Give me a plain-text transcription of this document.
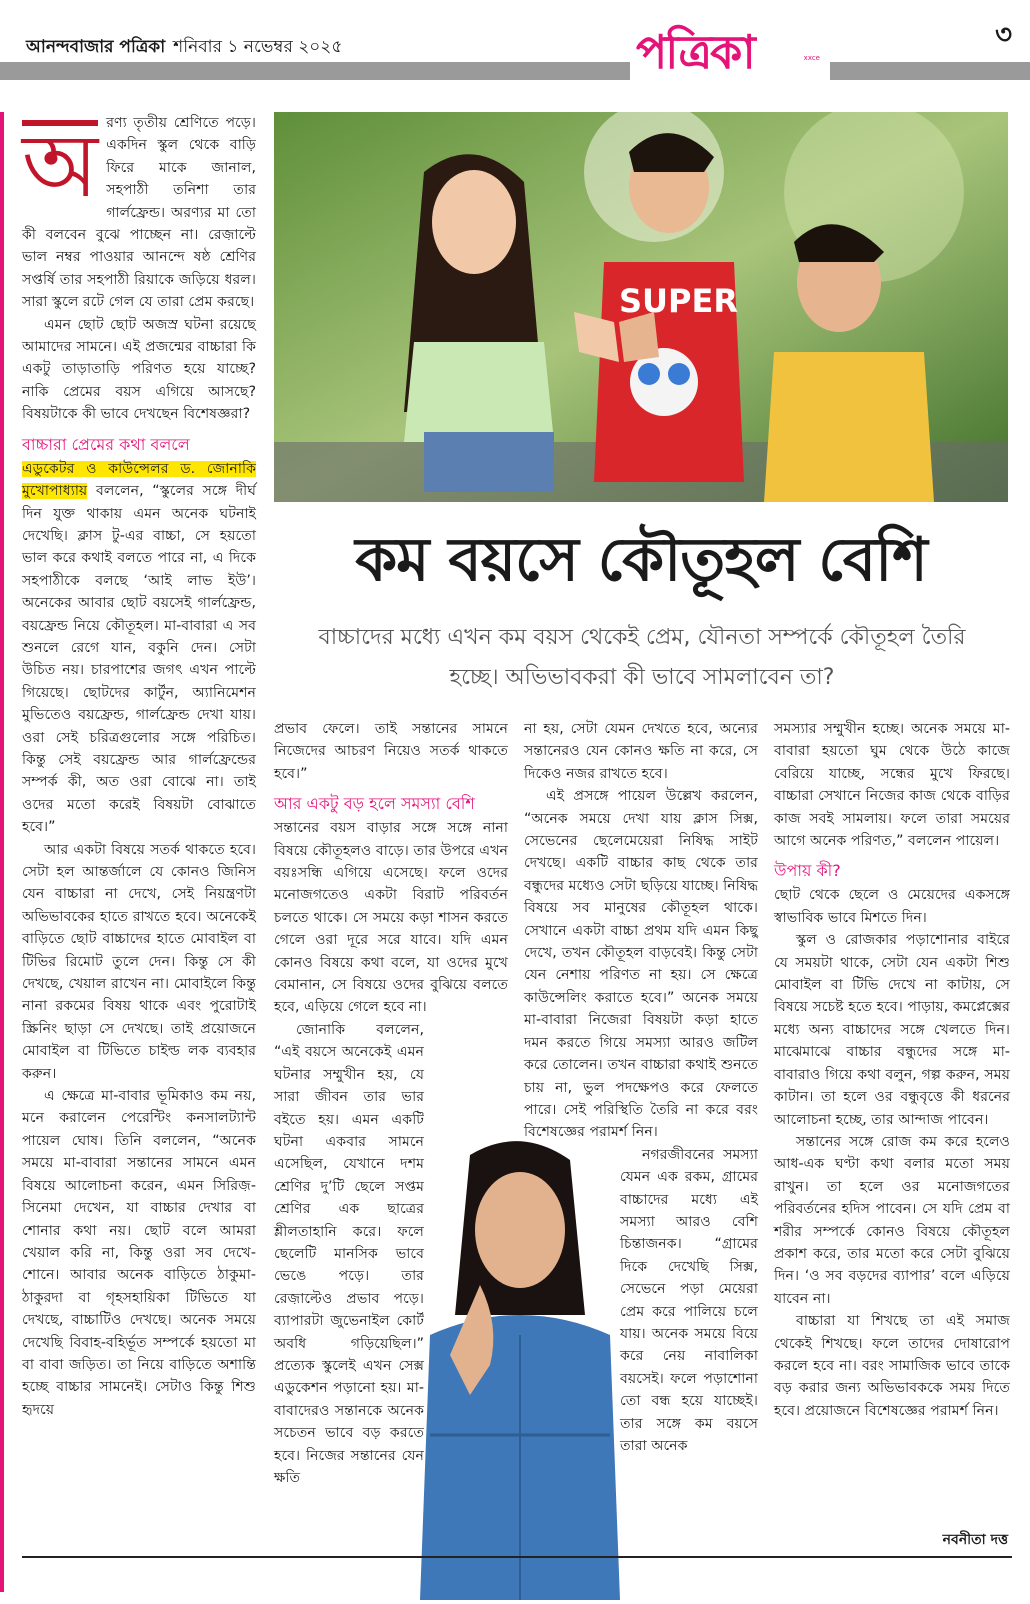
আনন্দবাজার পত্রিকা শনিবার ১ নভেম্বর ২০২৫	পত্রিকা	xxce
৩
অ রণ্য তৃতীয় শ্রেণিতে পড়ে। একদিন স্কুল থেকে বাড়ি ফিরে মাকে জানাল, সহপাঠী তনিশা তার গার্লফ্রেন্ড। অরণ্যর মা তো কী বলবেন বুঝে পাচ্ছেন না। রেজ়াল্টে ভাল নম্বর পাওয়ার আনন্দে ষষ্ঠ শ্রেণির সপ্তর্ষি তার সহপাঠী রিয়াকে জড়িয়ে ধরল। সারা স্কুলে রটে গেল যে তারা প্রেম করছে।

এমন ছোট ছোট অজস্র ঘটনা রয়েছে আমাদের সামনে। এই প্রজন্মের বাচ্চারা কি একটু তাড়াতাড়ি পরিণত হয়ে যাচ্ছে? নাকি প্রেমের বয়স এগিয়ে আসছে? বিষয়টাকে কী ভাবে দেখছেন বিশেষজ্ঞরা?

বাচ্চারা প্রেমের কথা বললে

এডুকেটর ও কাউন্সেলর ড. জোনাকি মুখোপাধ্যায় বললেন, “স্কুলের সঙ্গে দীর্ঘ দিন যুক্ত থাকায় এমন অনেক ঘটনাই দেখেছি। ক্লাস টু-এর বাচ্চা, সে হয়তো ভাল করে কথাই বলতে পারে না, এ দিকে সহপাঠীকে বলছে ‘আই লাভ ইউ’। অনেকের আবার ছোট বয়সেই গার্লফ্রেন্ড, বয়ফ্রেন্ড নিয়ে কৌতূহল। মা-বাবারা এ সব শুনলে রেগে যান, বকুনি দেন। সেটা উচিত নয়। চারপাশের জগৎ এখন পাল্টে গিয়েছে। ছোটদের কার্টুন, অ্যানিমেশন মুভিতেও বয়ফ্রেন্ড, গার্লফ্রেন্ড দেখা যায়। ওরা সেই চরিত্রগুলোর সঙ্গে পরিচিত। কিন্তু সেই বয়ফ্রেন্ড আর গার্লফ্রেন্ডের সম্পর্ক কী, অত ওরা বোঝে না। তাই ওদের মতো করেই বিষয়টা বোঝাতে হবে।”

আর একটা বিষয়ে সতর্ক থাকতে হবে। সেটা হল আন্তর্জালে যে কোনও জিনিস যেন বাচ্চারা না দেখে, সেই নিয়ন্ত্রণটা অভিভাবকের হাতে রাখতে হবে। অনেকেই বাড়িতে ছোট বাচ্চাদের হাতে মোবাইল বা টিভির রিমোট তুলে দেন। কিন্তু সে কী দেখছে, খেয়াল রাখেন না। মোবাইলে কিন্তু নানা রকমের বিষয় থাকে এবং পুরোটাই স্ক্রিনিং ছাড়া সে দেখছে। তাই প্রয়োজনে মোবাইল বা টিভিতে চাইল্ড লক ব্যবহার করুন।

এ ক্ষেত্রে মা-বাবার ভূমিকাও কম নয়, মনে করালেন পেরেন্টিং কনসালট্যান্ট পায়েল ঘোষ। তিনি বললেন, “অনেক সময়ে মা-বাবারা সন্তানের সামনে এমন বিষয়ে আলোচনা করেন, এমন সিরিজ়-সিনেমা দেখেন, যা বাচ্চার দেখার বা শোনার কথা নয়। ছোট বলে আমরা খেয়াল করি না, কিন্তু ওরা সব দেখে-শোনে। আবার অনেক বাড়িতে ঠাকুমা-ঠাকুরদা বা গৃহসহায়িকা টিভিতে যা দেখছে, বাচ্চাটিও দেখছে। অনেক সময়ে দেখেছি বিবাহ-বহির্ভূত সম্পর্কে হয়তো মা বা বাবা জড়িত। তা নিয়ে বাড়িতে অশান্তি হচ্ছে বাচ্চার সামনেই। সেটাও কিন্তু শিশু হৃদয়ে

SUPER
কম বয়সে কৌতূহল বেশি
বাচ্চাদের মধ্যে এখন কম বয়স থেকেই প্রেম, যৌনতা সম্পর্কে কৌতূহল তৈরি হচ্ছে। অভিভাবকরা কী ভাবে সামলাবেন তা?

প্রভাব ফেলে। তাই সন্তানের সামনে নিজেদের আচরণ নিয়েও সতর্ক থাকতে হবে।”

আর একটু বড় হলে সমস্যা বেশি

সন্তানের বয়স বাড়ার সঙ্গে সঙ্গে নানা বিষয়ে কৌতূহলও বাড়ে। তার উপরে এখন বয়ঃসন্ধি এগিয়ে এসেছে। ফলে ওদের মনোজগতেও একটা বিরাট পরিবর্তন চলতে থাকে। সে সময়ে কড়া শাসন করতে গেলে ওরা দূরে সরে যাবে। যদি এমন কোনও বিষয়ে কথা বলে, যা ওদের মুখে বেমানান, সে বিষয়ে ওদের বুঝিয়ে বলতে হবে, এড়িয়ে গেলে হবে না।

জোনাকি বললেন, “এই বয়সে অনেকেই এমন ঘটনার সম্মুখীন হয়, যে সারা জীবন তার ভার বইতে হয়। এমন একটি ঘটনা একবার সামনে এসেছিল, যেখানে দশম শ্রেণির দু’টি ছেলে সপ্তম শ্রেণির এক ছাত্রের শ্লীলতাহানি করে। ফলে ছেলেটি মানসিক ভাবে ভেঙে পড়ে। তার রেজ়াল্টেও প্রভাব পড়ে। ব্যাপারটা জুভেনাইল কোর্ট অবধি গড়িয়েছিল।” প্রত্যেক স্কুলেই এখন সেক্স এডুকেশন পড়ানো হয়। মা-বাবাদেরও সন্তানকে অনেক সচেতন ভাবে বড় করতে হবে। নিজের সন্তানের যেন ক্ষতি

না হয়, সেটা যেমন দেখতে হবে, অন্যের সন্তানেরও যেন কোনও ক্ষতি না করে, সে দিকেও নজর রাখতে হবে।

এই প্রসঙ্গে পায়েল উল্লেখ করলেন, “অনেক সময়ে দেখা যায় ক্লাস সিক্স, সেভেনের ছেলেমেয়েরা নিষিদ্ধ সাইট দেখছে। একটি বাচ্চার কাছ থেকে তার বন্ধুদের মধ্যেও সেটা ছড়িয়ে যাচ্ছে। নিষিদ্ধ বিষয়ে সব মানুষের কৌতূহল থাকে। সেখানে একটা বাচ্চা প্রথম যদি এমন কিছু দেখে, তখন কৌতূহল বাড়বেই। কিন্তু সেটা যেন নেশায় পরিণত না হয়। সে ক্ষেত্রে কাউন্সেলিং করাতে হবে।” অনেক সময়ে মা-বাবারা নিজেরা বিষয়টা কড়া হাতে দমন করতে গিয়ে সমস্যা আরও জটিল করে তোলেন। তখন বাচ্চারা কথাই শুনতে চায় না, ভুল পদক্ষেপও করে ফেলতে পারে। সেই পরিস্থিতি তৈরি না করে বরং বিশেষজ্ঞের পরামর্শ নিন।

নগরজীবনের সমস্যা যেমন এক রকম, গ্রামের বাচ্চাদের মধ্যে এই সমস্যা আরও বেশি চিন্তাজনক। “গ্রামের দিকে দেখেছি সিক্স, সেভেনে পড়া মেয়েরা প্রেম করে পালিয়ে চলে যায়। অনেক সময়ে বিয়ে করে নেয় নাবালিকা বয়সেই। ফলে পড়াশোনা তো বন্ধ হয়ে যাচ্ছেই। তার সঙ্গে কম বয়সে তারা অনেক

সমস্যার সম্মুখীন হচ্ছে। অনেক সময়ে মা-বাবারা হয়তো ঘুম থেকে উঠে কাজে বেরিয়ে যাচ্ছে, সন্ধের মুখে ফিরছে। বাচ্চারা সেখানে নিজের কাজ থেকে বাড়ির কাজ সবই সামলায়। ফলে তারা সময়ের আগে অনেক পরিণত,” বললেন পায়েল।

উপায় কী?

ছোট থেকে ছেলে ও মেয়েদের একসঙ্গে স্বাভাবিক ভাবে মিশতে দিন।

স্কুল ও রোজকার পড়াশোনার বাইরে যে সময়টা থাকে, সেটা যেন একটা শিশু মোবাইল বা টিভি দেখে না কাটায়, সে বিষয়ে সচেষ্ট হতে হবে। পাড়ায়, কমপ্লেক্সের মধ্যে অন্য বাচ্চাদের সঙ্গে খেলতে দিন। মাঝেমাঝে বাচ্চার বন্ধুদের সঙ্গে মা-বাবারাও গিয়ে কথা বলুন, গল্প করুন, সময় কাটান। তা হলে ওর বন্ধুবৃত্তে কী ধরনের আলোচনা হচ্ছে, তার আন্দাজ পাবেন।

সন্তানের সঙ্গে রোজ কম করে হলেও আধ-এক ঘণ্টা কথা বলার মতো সময় রাখুন। তা হলে ওর মনোজগতের পরিবর্তনের হদিস পাবেন। সে যদি প্রেম বা শরীর সম্পর্কে কোনও বিষয়ে কৌতূহল প্রকাশ করে, তার মতো করে সেটা বুঝিয়ে দিন। ‘ও সব বড়দের ব্যাপার’ বলে এড়িয়ে যাবেন না।

বাচ্চারা যা শিখছে তা এই সমাজ থেকেই শিখছে। ফলে তাদের দোষারোপ করলে হবে না। বরং সামাজিক ভাবে তাকে বড় করার জন্য অভিভাবককে সময় দিতে হবে। প্রয়োজনে বিশেষজ্ঞের পরামর্শ নিন।

নবনীতা দত্ত
